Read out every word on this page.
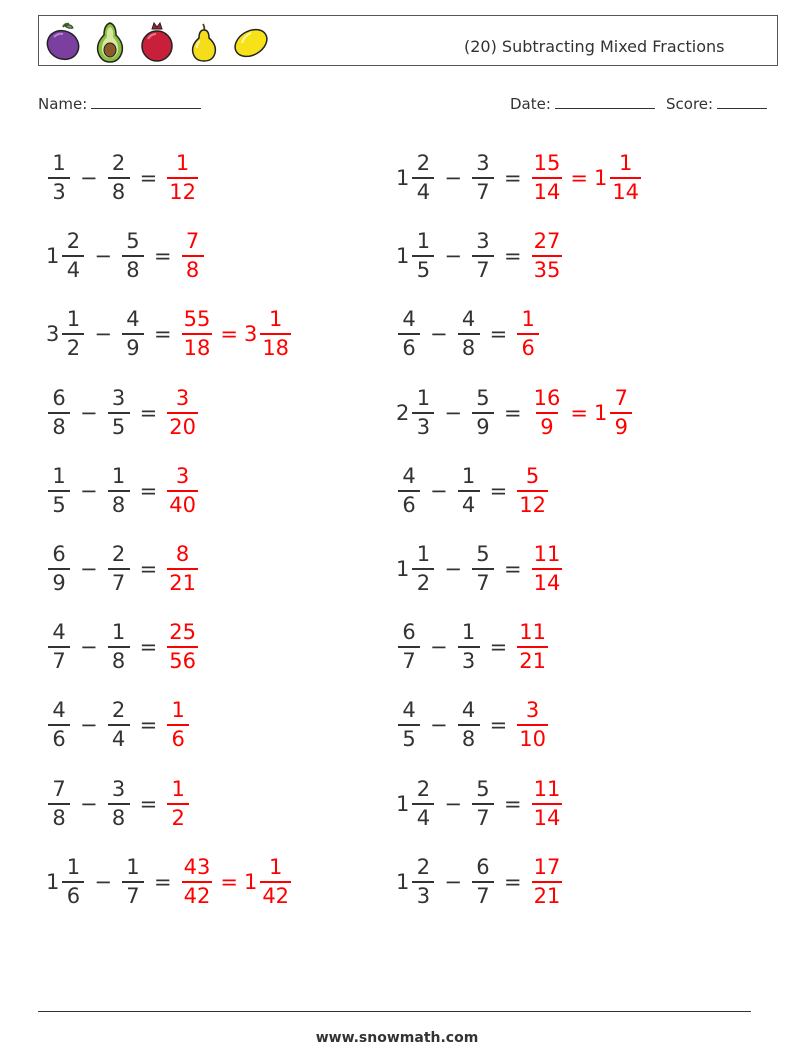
(20) Subtracting Mixed Fractions
Name:	Date:	Score:
$\frac{1}{3} - \frac{2}{8} = \frac{1}{12}$	$1 \frac{2}{4} - \frac{3}{7} = \frac{15}{14} = 1 \frac{1}{14}$
$1 \frac{2}{4} - \frac{5}{8} = \frac{7}{8}$	$1 \frac{1}{5} - \frac{3}{7} = \frac{27}{35}$
$3 \frac{1}{2} - \frac{4}{9} = \frac{55}{18} = 3 \frac{1}{18}$	$\frac{4}{6} - \frac{4}{8} = \frac{1}{6}$
$\frac{6}{8} - \frac{3}{5} = \frac{3}{20}$	$2 \frac{1}{3} - \frac{5}{9} = \frac{16}{9} = 1 \frac{7}{9}$
$\frac{1}{5} - \frac{1}{8} = \frac{3}{40}$	$\frac{4}{6} - \frac{1}{4} = \frac{5}{12}$
$\frac{6}{9} - \frac{2}{7} = \frac{8}{21}$	$1 \frac{1}{2} - \frac{5}{7} = \frac{11}{14}$
$\frac{4}{7} - \frac{1}{8} = \frac{25}{56}$	$\frac{6}{7} - \frac{1}{3} = \frac{11}{21}$
$\frac{4}{6} - \frac{2}{4} = \frac{1}{6}$	$\frac{4}{5} - \frac{4}{8} = \frac{3}{10}$
$\frac{7}{8} - \frac{3}{8} = \frac{1}{2}$	$1 \frac{2}{4} - \frac{5}{7} = \frac{11}{14}$
$1 \frac{1}{6} - \frac{1}{7} = \frac{43}{42} = 1 \frac{1}{42}$	$1 \frac{2}{3} - \frac{6}{7} = \frac{17}{21}$
www.snowmath.com
